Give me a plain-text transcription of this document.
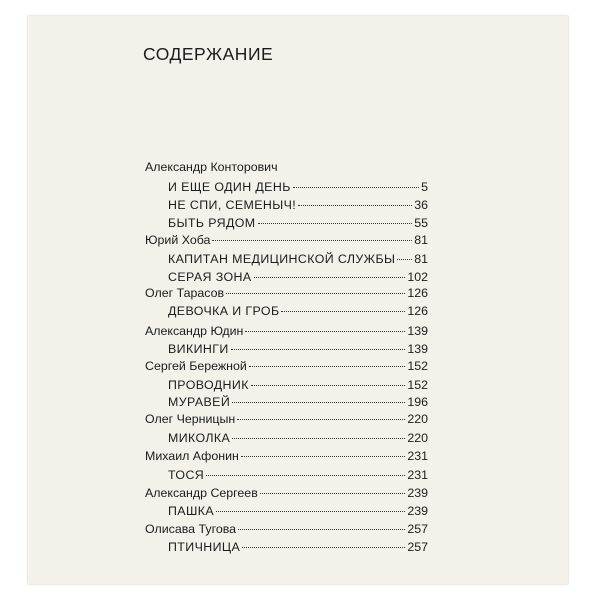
СОДЕРЖАНИЕ
Александр Конторович
И ЕЩЕ ОДИН ДЕНЬ	5
НЕ СПИ, СЕМЕНЫЧ!	36
БЫТЬ РЯДОМ	55
Юрий Хоба	81
КАПИТАН МЕДИЦИНСКОЙ СЛУЖБЫ 81
СЕРАЯ ЗОНА	102
Олег Тарасов	126
ДЕВОЧКА И ГРОБ	126
Александр Юдин	139
ВИКИНГИ	139
Сергей Бережной	152
ПРОВОДНИК	152
МУРАВЕЙ	196
Олег Черницын	220
МИКОЛКА	220
Михаил Афонин	231
ТОСЯ	231
Александр Сергеев	239
ПАШКА	239
Олисава Тугова	257
ПТИЧНИЦА	257
